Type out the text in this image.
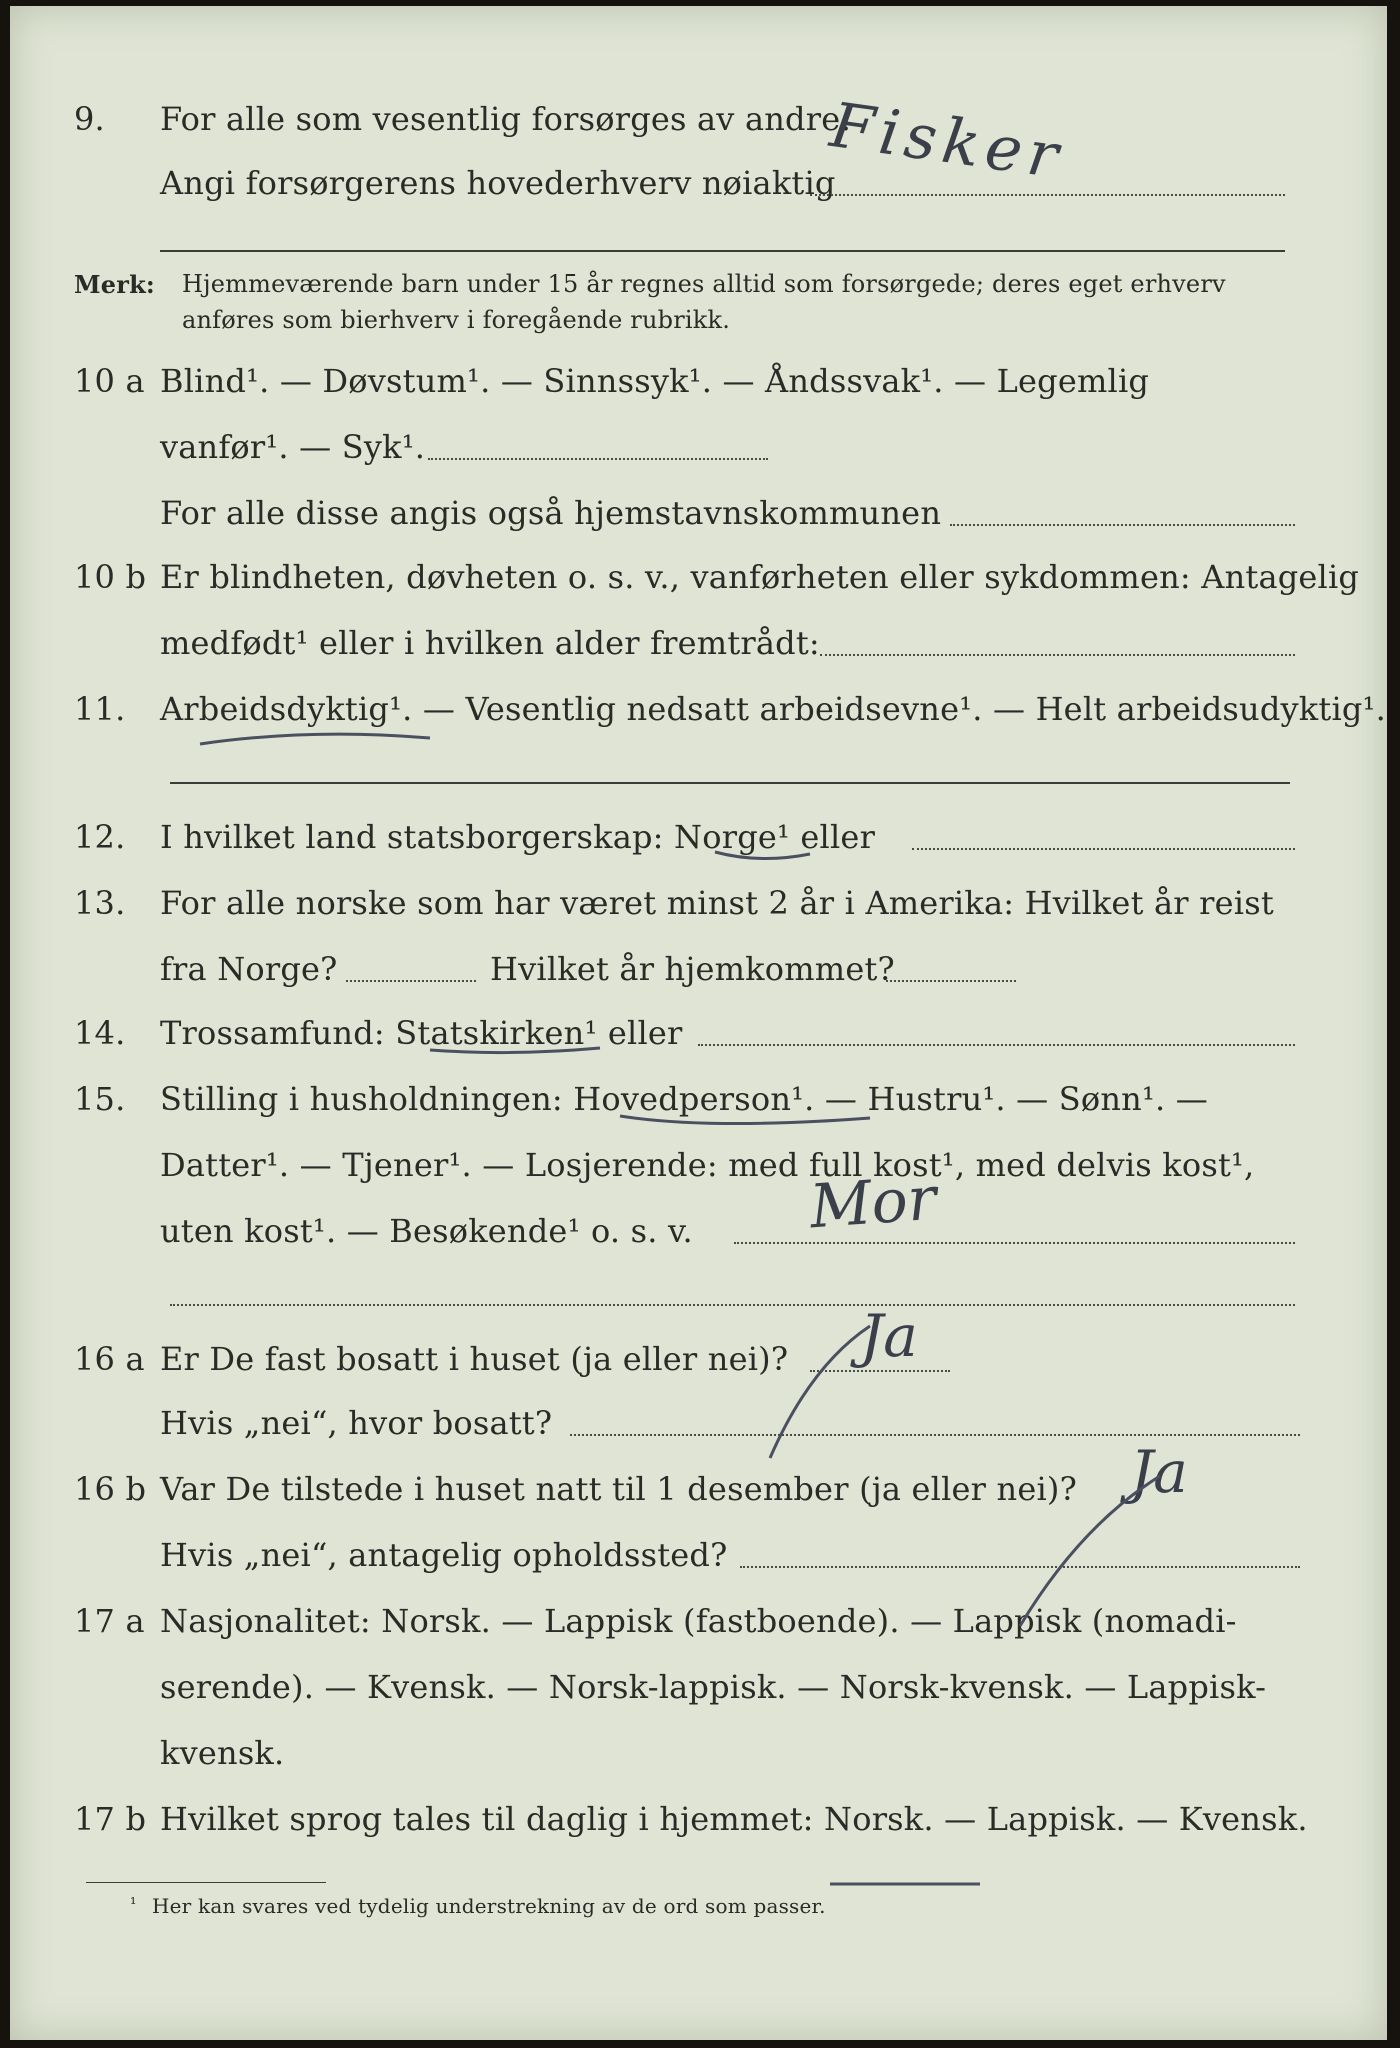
9. For alle som vesentlig forsørges av andre:
Angi forsørgerens hovederhverv nøiaktig
Merk: Hjemmeværende barn under 15 år regnes alltid som forsørgede; deres eget erhverv
anføres som bierhverv i foregående rubrikk.
10 a Blind¹. — Døvstum¹. — Sinnssyk¹. — Åndssvak¹. — Legemlig
vanfør¹. — Syk¹.
For alle disse angis også hjemstavnskommunen
10 b Er blindheten, døvheten o. s. v., vanførheten eller sykdommen: Antagelig
medfødt¹ eller i hvilken alder fremtrådt:
11. Arbeidsdyktig¹. — Vesentlig nedsatt arbeidsevne¹. — Helt arbeidsudyktig¹.
12. I hvilket land statsborgerskap: Norge¹ eller
13. For alle norske som har været minst 2 år i Amerika: Hvilket år reist
fra Norge?	Hvilket år hjemkommet?
14. Trossamfund: Statskirken¹ eller
15. Stilling i husholdningen: Hovedperson¹. — Hustru¹. — Sønn¹. —
Datter¹. — Tjener¹. — Losjerende: med full kost¹, med delvis kost¹,
uten kost¹. — Besøkende¹ o. s. v.
16 a Er De fast bosatt i huset (ja eller nei)?
Hvis „nei“, hvor bosatt?
16 b Var De tilstede i huset natt til 1 desember (ja eller nei)?
Hvis „nei“, antagelig opholdssted?
17 a Nasjonalitet: Norsk. — Lappisk (fastboende). — Lappisk (nomadi-
serende). — Kvensk. — Norsk-lappisk. — Norsk-kvensk. — Lappisk-
kvensk.
17 b Hvilket sprog tales til daglig i hjemmet: Norsk. — Lappisk. — Kvensk.
¹ Her kan svares ved tydelig understrekning av de ord som passer.
Fisker
Mor
Ja
Ja
